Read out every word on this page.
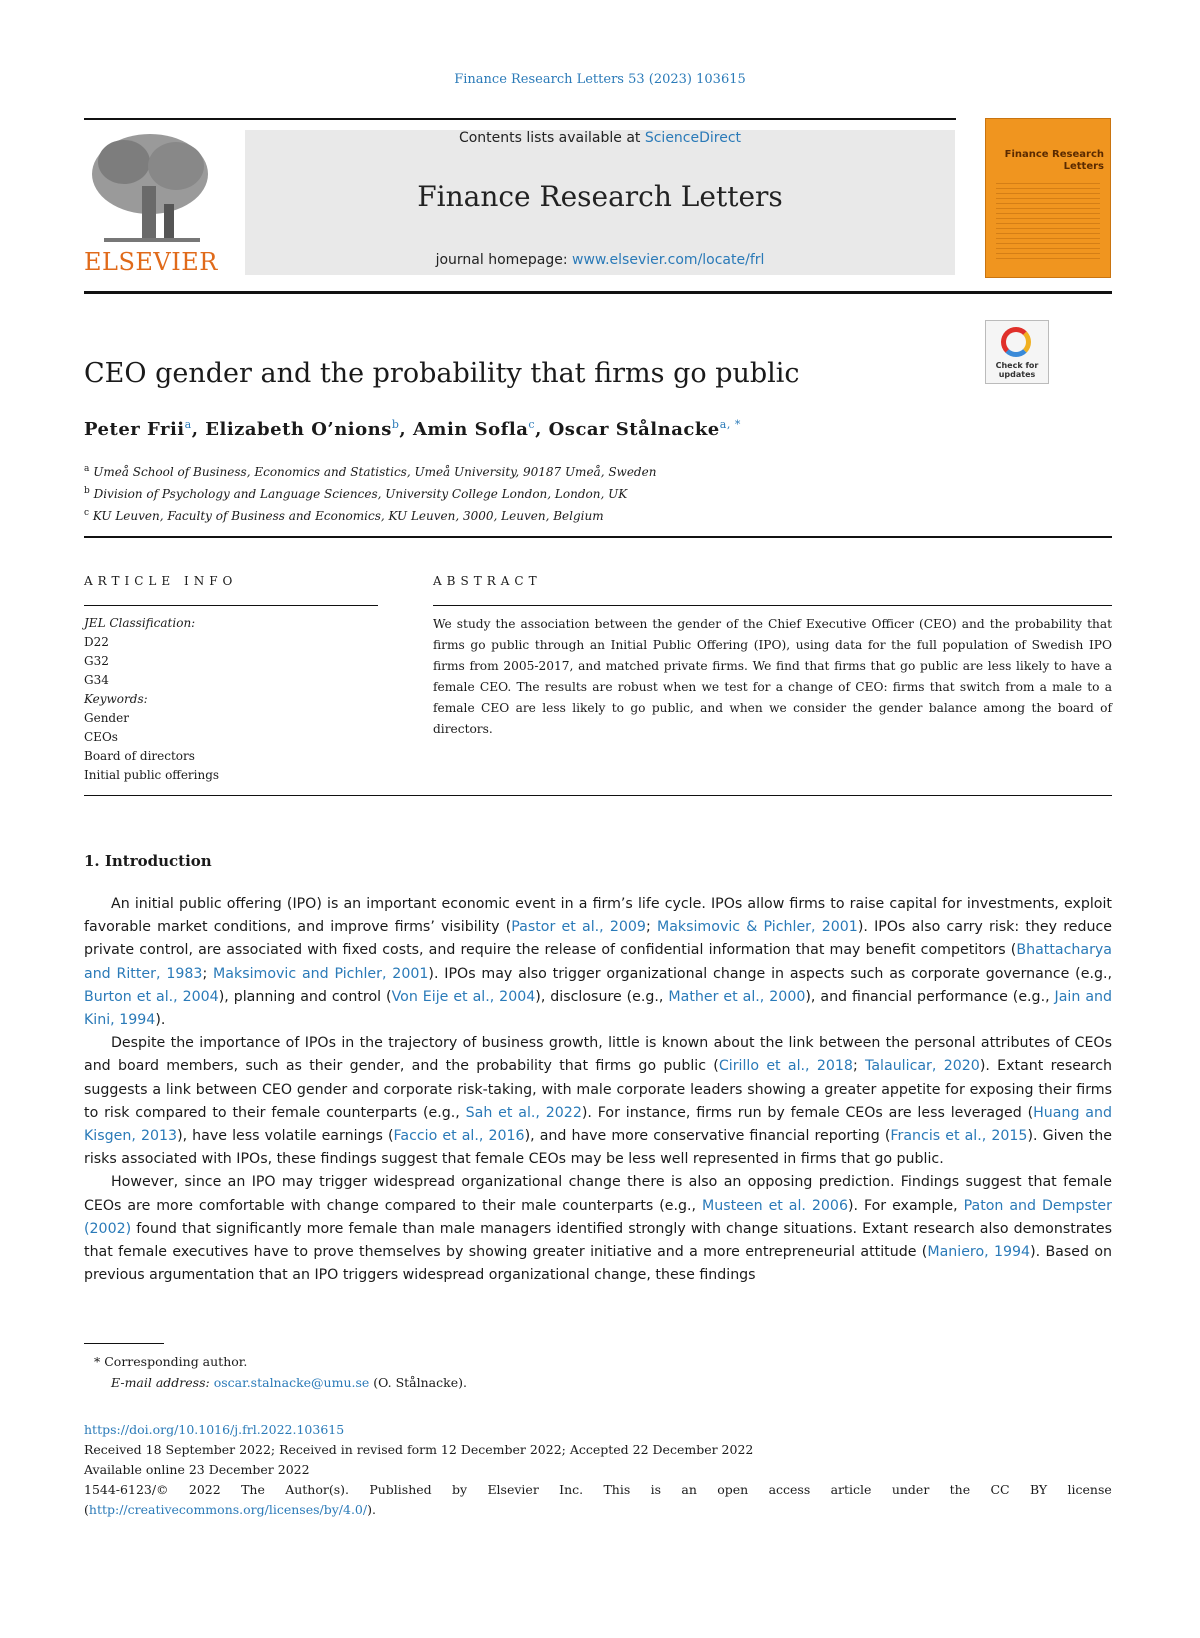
Finance Research Letters 53 (2023) 103615
ELSEVIER
Contents lists available at ScienceDirect
Finance Research Letters
journal homepage: www.elsevier.com/locate/frl
Finance Research Letters
Check for updates
CEO gender and the probability that firms go public
Peter Frii$^a$, Elizabeth O’nions$^b$, Amin Sofla$^c$, Oscar Stålnacke$^{a, *}$
$^a$ Umeå School of Business, Economics and Statistics, Umeå University, 90187 Umeå, Sweden
$^b$ Division of Psychology and Language Sciences, University College London, London, UK
$^c$ KU Leuven, Faculty of Business and Economics, KU Leuven, 3000, Leuven, Belgium
ARTICLE INFO	ABSTRACT
JEL Classification:
D22
G32
G34
Keywords:
Gender
CEOs
Board of directors
Initial public offerings
We study the association between the gender of the Chief Executive Officer (CEO) and the probability that firms go public through an Initial Public Offering (IPO), using data for the full population of Swedish IPO firms from 2005-2017, and matched private firms. We find that firms that go public are less likely to have a female CEO. The results are robust when we test for a change of CEO: firms that switch from a male to a female CEO are less likely to go public, and when we consider the gender balance among the board of directors.
1. Introduction

An initial public offering (IPO) is an important economic event in a firm’s life cycle. IPOs allow firms to raise capital for investments, exploit favorable market conditions, and improve firms’ visibility (Pastor et al., 2009; Maksimovic & Pichler, 2001). IPOs also carry risk: they reduce private control, are associated with fixed costs, and require the release of confidential information that may benefit competitors (Bhattacharya and Ritter, 1983; Maksimovic and Pichler, 2001). IPOs may also trigger organizational change in aspects such as corporate governance (e.g., Burton et al., 2004), planning and control (Von Eije et al., 2004), disclosure (e.g., Mather et al., 2000), and financial performance (e.g., Jain and Kini, 1994).

Despite the importance of IPOs in the trajectory of business growth, little is known about the link between the personal attributes of CEOs and board members, such as their gender, and the probability that firms go public (Cirillo et al., 2018; Talaulicar, 2020). Extant research suggests a link between CEO gender and corporate risk-taking, with male corporate leaders showing a greater appetite for exposing their firms to risk compared to their female counterparts (e.g., Sah et al., 2022). For instance, firms run by female CEOs are less leveraged (Huang and Kisgen, 2013), have less volatile earnings (Faccio et al., 2016), and have more conservative financial reporting (Francis et al., 2015). Given the risks associated with IPOs, these findings suggest that female CEOs may be less well represented in firms that go public.

However, since an IPO may trigger widespread organizational change there is also an opposing prediction. Findings suggest that female CEOs are more comfortable with change compared to their male counterparts (e.g., Musteen et al. 2006). For example, Paton and Dempster (2002) found that significantly more female than male managers identified strongly with change situations. Extant research also demonstrates that female executives have to prove themselves by showing greater initiative and a more entrepreneurial attitude (Maniero, 1994). Based on previous argumentation that an IPO triggers widespread organizational change, these findings

* Corresponding author.
E-mail address: oscar.stalnacke@umu.se (O. Stålnacke).
https://doi.org/10.1016/j.frl.2022.103615
Received 18 September 2022; Received in revised form 12 December 2022; Accepted 22 December 2022
Available online 23 December 2022
1544-6123/© 2022 The Author(s). Published by Elsevier Inc. This is an open access article under the CC BY license
(http://creativecommons.org/licenses/by/4.0/).
